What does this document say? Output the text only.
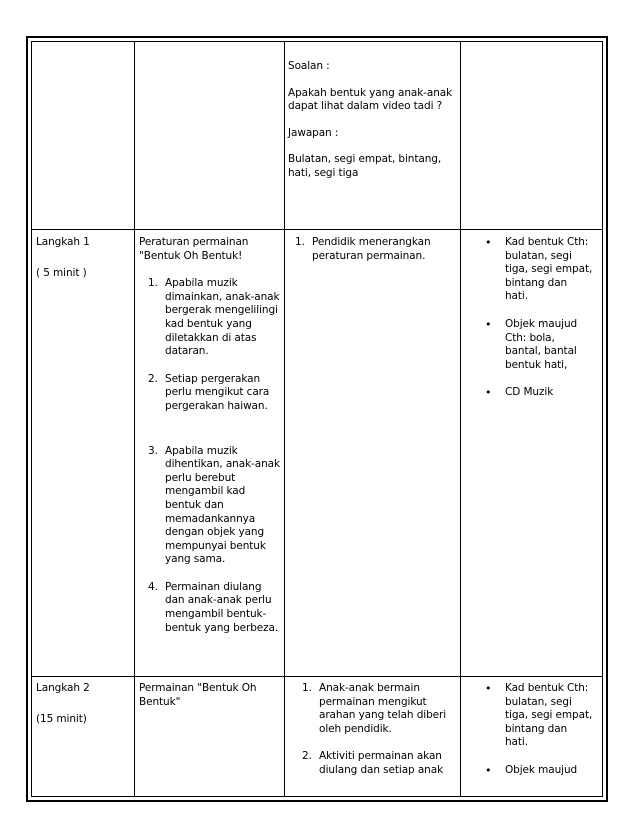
Soalan :

Apakah bentuk yang anak-anak dapat lihat dalam video tadi ?

Jawapan :

Bulatan, segi empat, bintang, hati, segi tiga

Langkah 1

( 5 minit )

Peraturan permainan "Bentuk Oh Bentuk!

1. Apabila muzik dimainkan, anak-anak bergerak mengelilingi kad bentuk yang diletakkan di atas dataran.
2. Setiap pergerakan perlu mengikut cara pergerakan haiwan.
3. Apabila muzik dihentikan, anak-anak perlu berebut mengambil kad bentuk dan memadankannya dengan objek yang mempunyai bentuk yang sama.
4. Permainan diulang dan anak-anak perlu mengambil bentuk-bentuk yang berbeza.
1. Pendidik menerangkan peraturan permainan.
• Kad bentuk Cth: bulatan, segi tiga, segi empat, bintang dan hati.
• Objek maujud Cth: bola, bantal, bantal bentuk hati,
• CD Muzik

Langkah 2

(15 minit)

Permainan "Bentuk Oh Bentuk"

1. Anak-anak bermain permainan mengikut arahan yang telah diberi oleh pendidik.
2. Aktiviti permainan akan diulang dan setiap anak
• Kad bentuk Cth: bulatan, segi tiga, segi empat, bintang dan hati.
• Objek maujud
